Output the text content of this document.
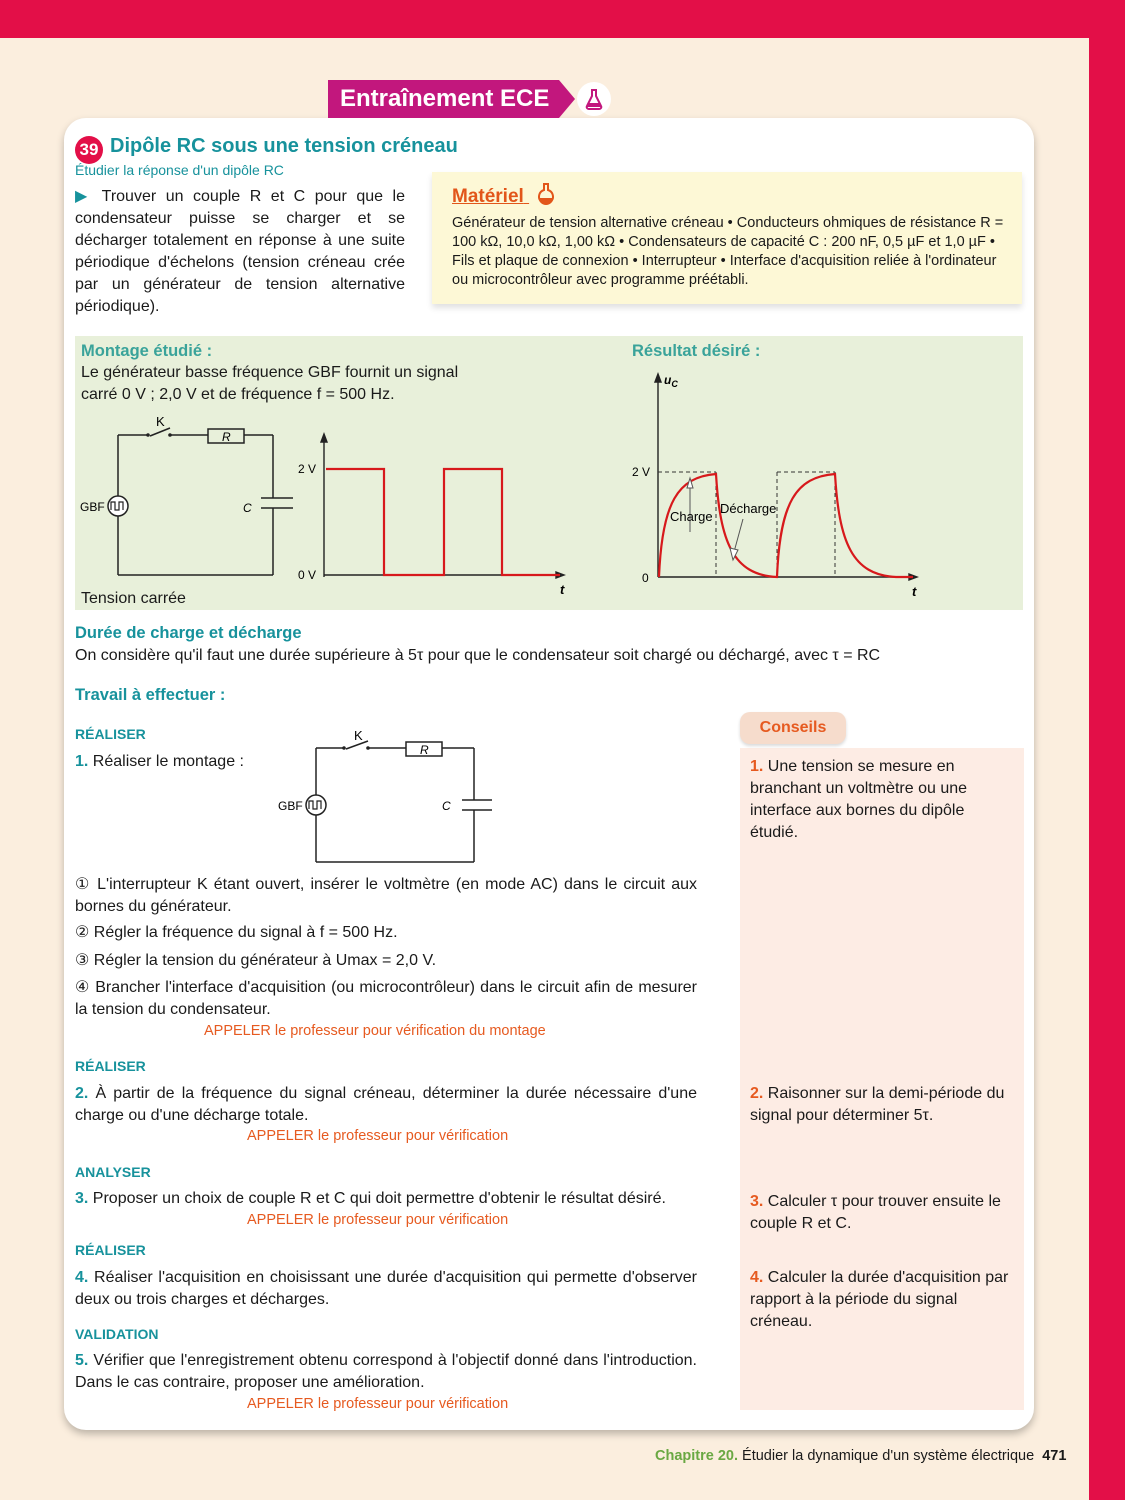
Entraînement ECE
39 Dipôle RC sous une tension créneau
Étudier la réponse d'un dipôle RC
▶ Trouver un couple R et C pour que le condensateur puisse se charger et se décharger totalement en réponse à une suite périodique d'échelons (tension créneau crée par un générateur de tension alternative périodique).
Matériel
Générateur de tension alternative créneau • Conducteurs ohmiques de résistance R = 100 kΩ, 10,0 kΩ, 1,00 kΩ • Condensateurs de capacité C : 200 nF, 0,5 µF et 1,0 µF • Fils et plaque de connexion • Interrupteur • Interface d'acquisition reliée à l'ordinateur ou microcontrôleur avec programme préétabli.
Montage étudié :
Le générateur basse fréquence GBF fournit un signal carré 0 V ; 2,0 V et de fréquence f = 500 Hz.
Résultat désiré :
Tension carrée
K
R
C
GBF
2 V
0 V
t
$u_C$
2 V
0
Charge
Décharge
t
Durée de charge et décharge
On considère qu'il faut une durée supérieure à 5τ pour que le condensateur soit chargé ou déchargé, avec τ = RC
Travail à effectuer :
RÉALISER
1. Réaliser le montage :
K
R
C
GBF
① L'interrupteur K étant ouvert, insérer le voltmètre (en mode AC) dans le circuit aux bornes du générateur.
② Régler la fréquence du signal à f = 500 Hz.
③ Régler la tension du générateur à Umax = 2,0 V.
④ Brancher l'interface d'acquisition (ou microcontrôleur) dans le circuit afin de mesurer la tension du condensateur.
APPELER le professeur pour vérification du montage
RÉALISER
2. À partir de la fréquence du signal créneau, déterminer la durée nécessaire d'une charge ou d'une décharge totale.
APPELER le professeur pour vérification
ANALYSER
3. Proposer un choix de couple R et C qui doit permettre d'obtenir le résultat désiré.
APPELER le professeur pour vérification
RÉALISER
4. Réaliser l'acquisition en choisissant une durée d'acquisition qui permette d'observer deux ou trois charges et décharges.
VALIDATION
5. Vérifier que l'enregistrement obtenu correspond à l'objectif donné dans l'introduction. Dans le cas contraire, proposer une amélioration.
APPELER le professeur pour vérification
Conseils
1. Une tension se mesure en branchant un voltmètre ou une interface aux bornes du dipôle étudié.
2. Raisonner sur la demi-période du signal pour déterminer 5τ.
3. Calculer τ pour trouver ensuite le couple R et C.
4. Calculer la durée d'acquisition par rapport à la période du signal créneau.
Chapitre 20. Étudier la dynamique d'un système électrique 471
